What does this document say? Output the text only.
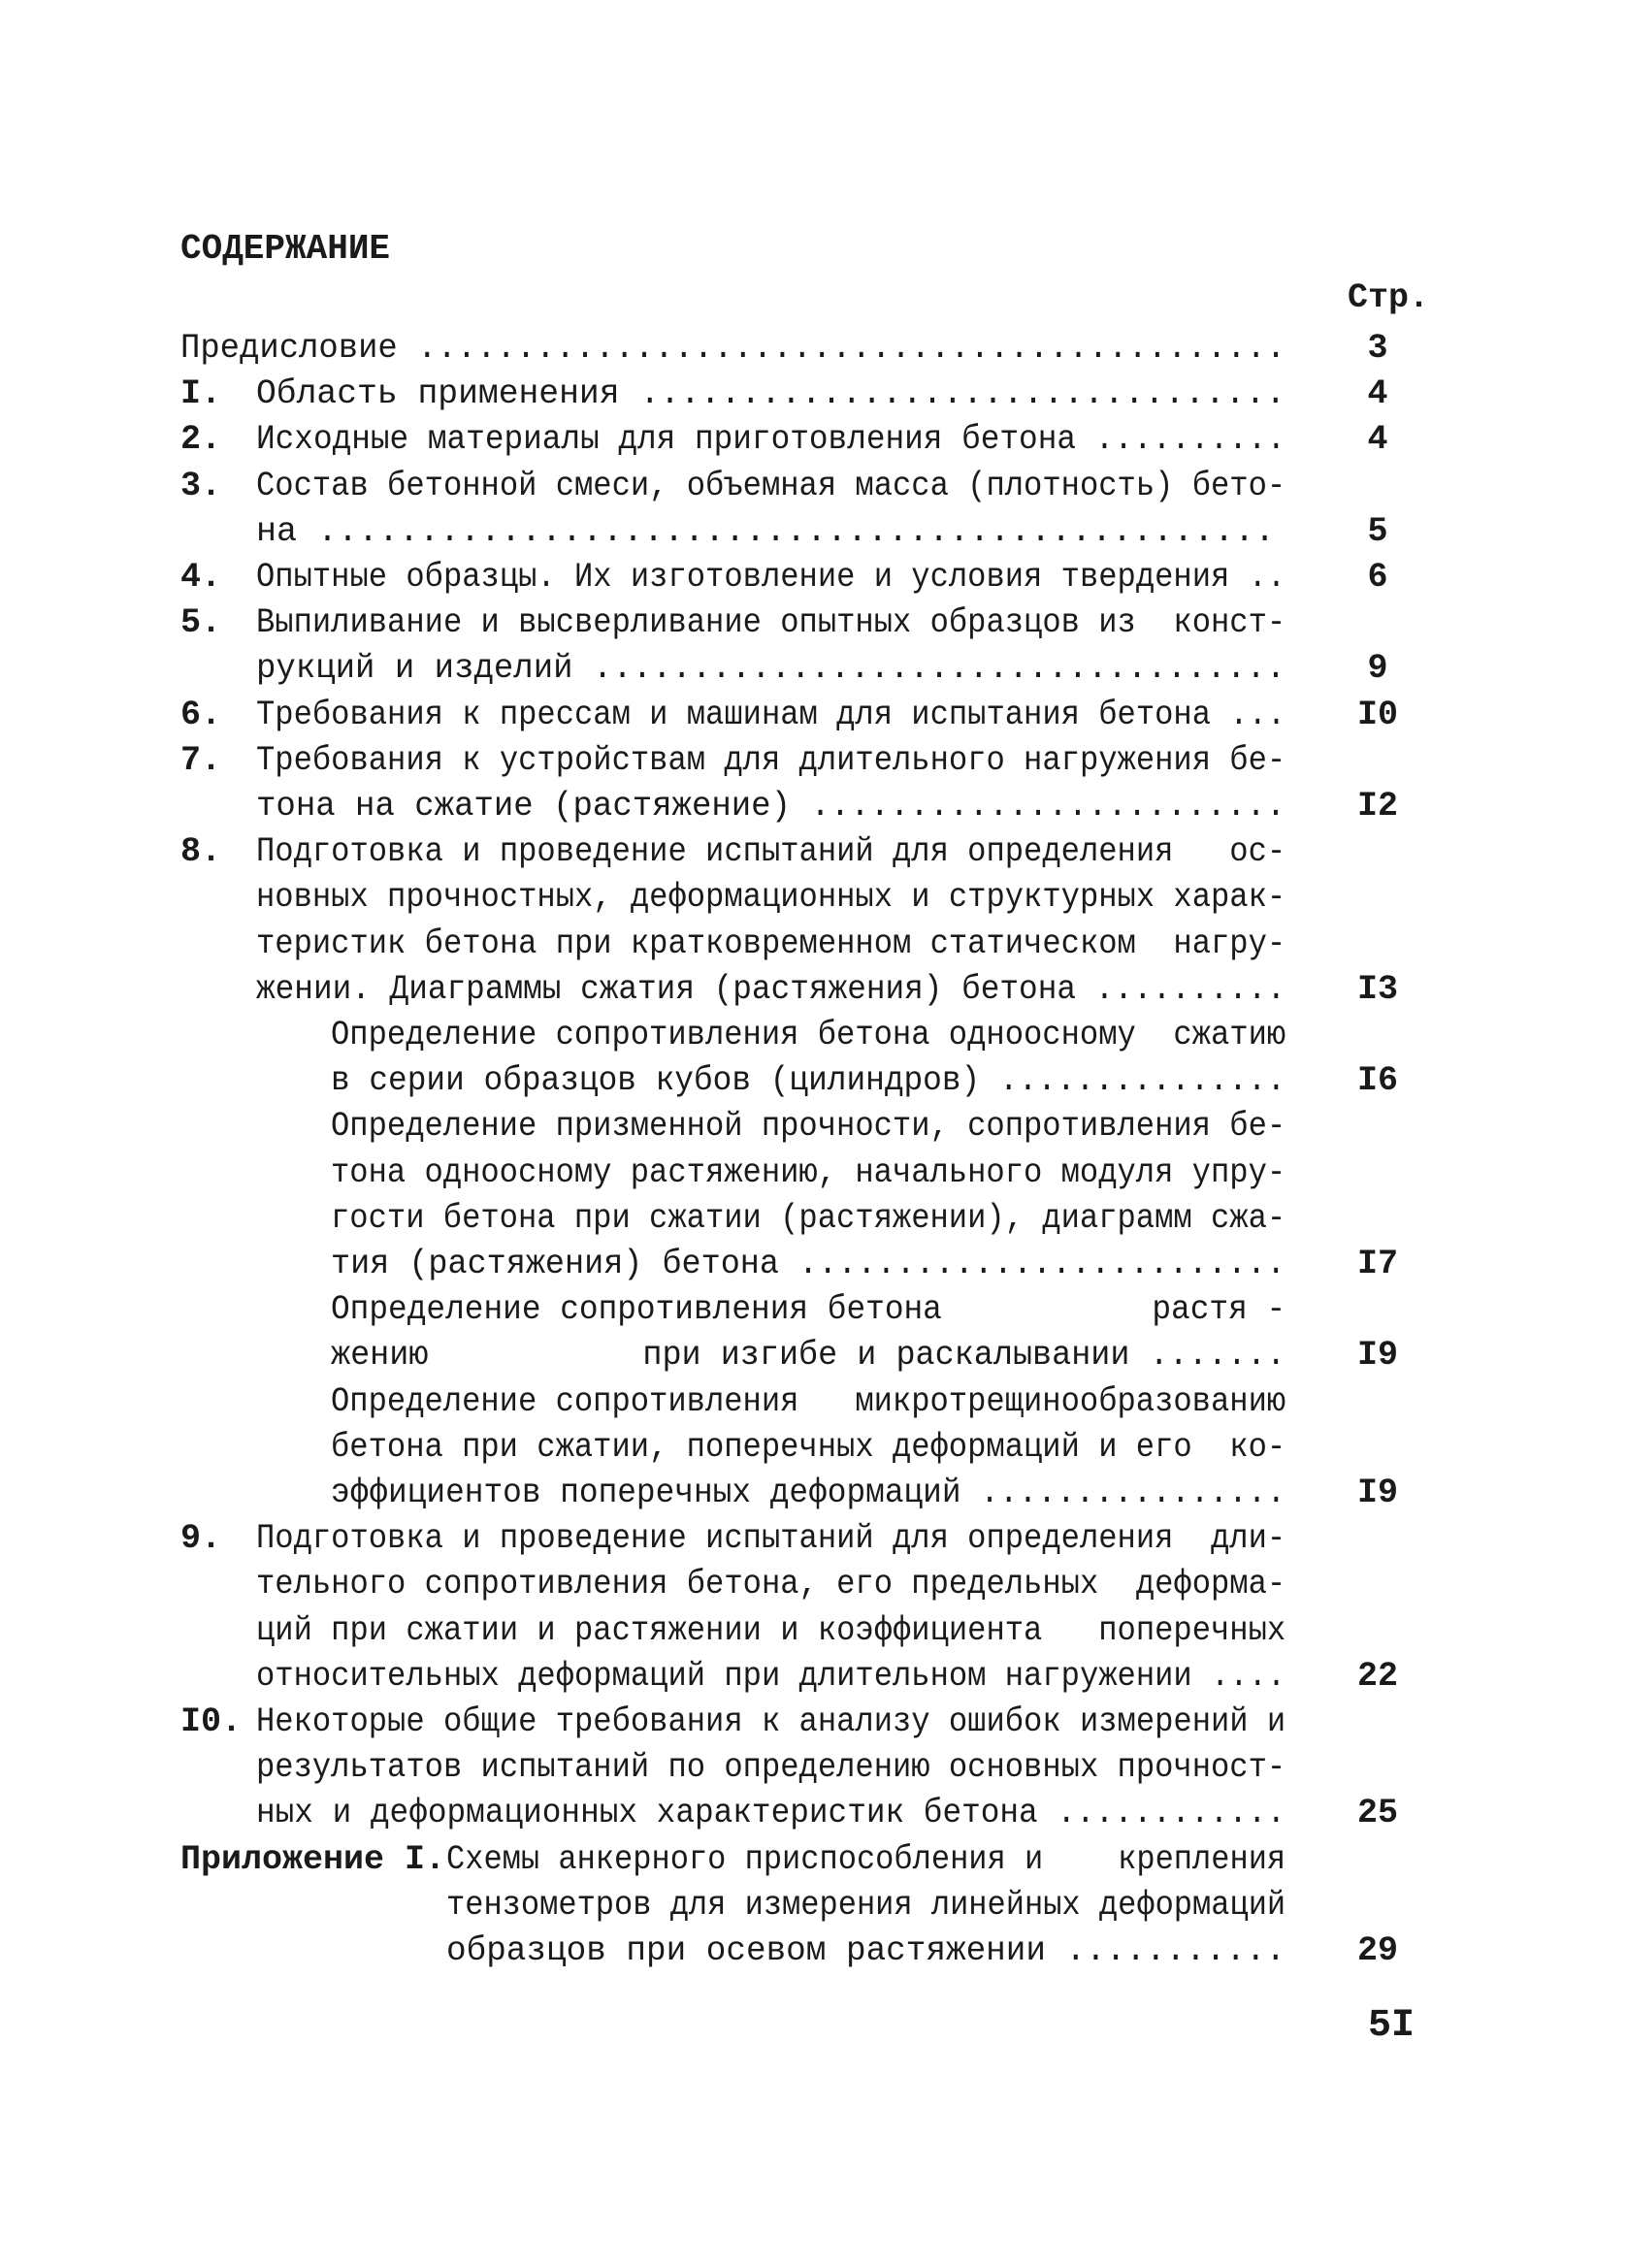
СОДЕРЖАНИЕ
Стр.
Предисловие ............................................	3
I. Область применения ................................	4
2. Исходные материалы для приготовления бетона ..........	4
3. Состав бетонной смеси, объемная масса (плотность) бето-
на ...............................................	5
4. Опытные образцы. Их изготовление и условия твердения ..	6
5. Выпиливание и высверливание опытных образцов из  конст-
рукций и изделий ...................................	9
6. Требования к прессам и машинам для испытания бетона ...	I0
7. Требования к устройствам для длительного нагружения бе-
тона на сжатие (растяжение) ........................	I2
8. Подготовка и проведение испытаний для определения   ос-
новных прочностных, деформационных и структурных харак-
теристик бетона при кратковременном статическом  нагру-
жении. Диаграммы сжатия (растяжения) бетона ..........	I3
Определение сопротивления бетона одноосному  сжатию
в серии образцов кубов (цилиндров) ...............	I6
Определение призменной прочности, сопротивления бе-
тона одноосному растяжению, начального модуля упру-
гости бетона при сжатии (растяжении), диаграмм сжа-
тия (растяжения) бетона .........................	I7
Определение сопротивления бетона           растя -
жению           при изгибе и раскалывании .......	I9
Определение сопротивления   микротрещинообразованию
бетона при сжатии, поперечных деформаций и его  ко-
эффициентов поперечных деформаций ................	I9
9. Подготовка и проведение испытаний для определения  дли-
тельного сопротивления бетона, его предельных  деформа-
ций при сжатии и растяжении и коэффициента   поперечных
относительных деформаций при длительном нагружении ....	22
I0. Некоторые общие требования к анализу ошибок измерений и
результатов испытаний по определению основных прочност-
ных и деформационных характеристик бетона ............	25
Приложение I. Схемы анкерного приспособления и    крепления
тензометров для измерения линейных деформаций
образцов при осевом растяжении ...........	29
5I
